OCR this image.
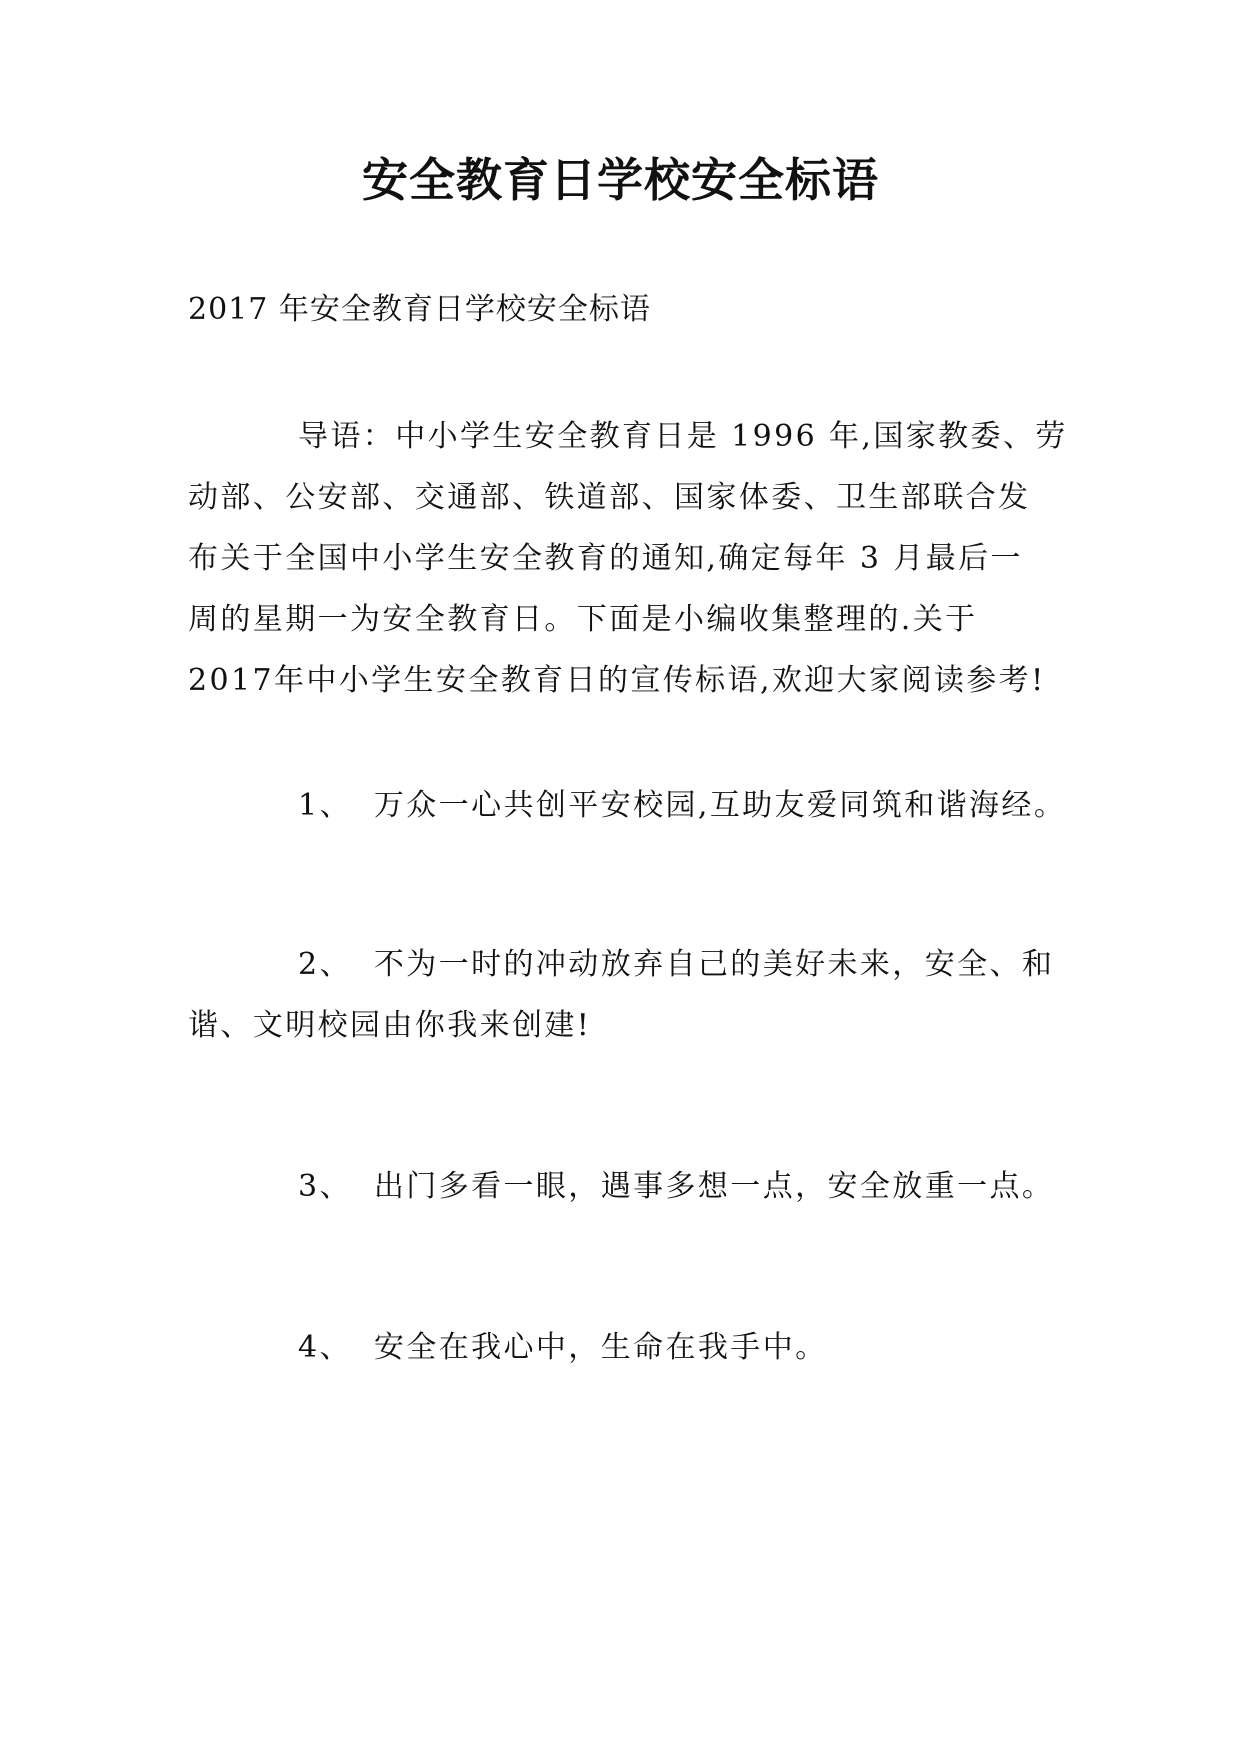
安全教育日学校安全标语

2017 年安全教育日学校安全标语

导语：中小学生安全教育日是 1996 年,国家教委、劳
动部、公安部、交通部、铁道部、国家体委、卫生部联合发
布关于全国中小学生安全教育的通知,确定每年 3 月最后一
周的星期一为安全教育日。下面是小编收集整理的.关于
2017年中小学生安全教育日的宣传标语,欢迎大家阅读参考!
1、 万众一心共创平安校园,互助友爱同筑和谐海经。
2、 不为一时的冲动放弃自己的美好未来，安全、和
谐、文明校园由你我来创建!
3、 出门多看一眼，遇事多想一点，安全放重一点。
4、 安全在我心中，生命在我手中。
